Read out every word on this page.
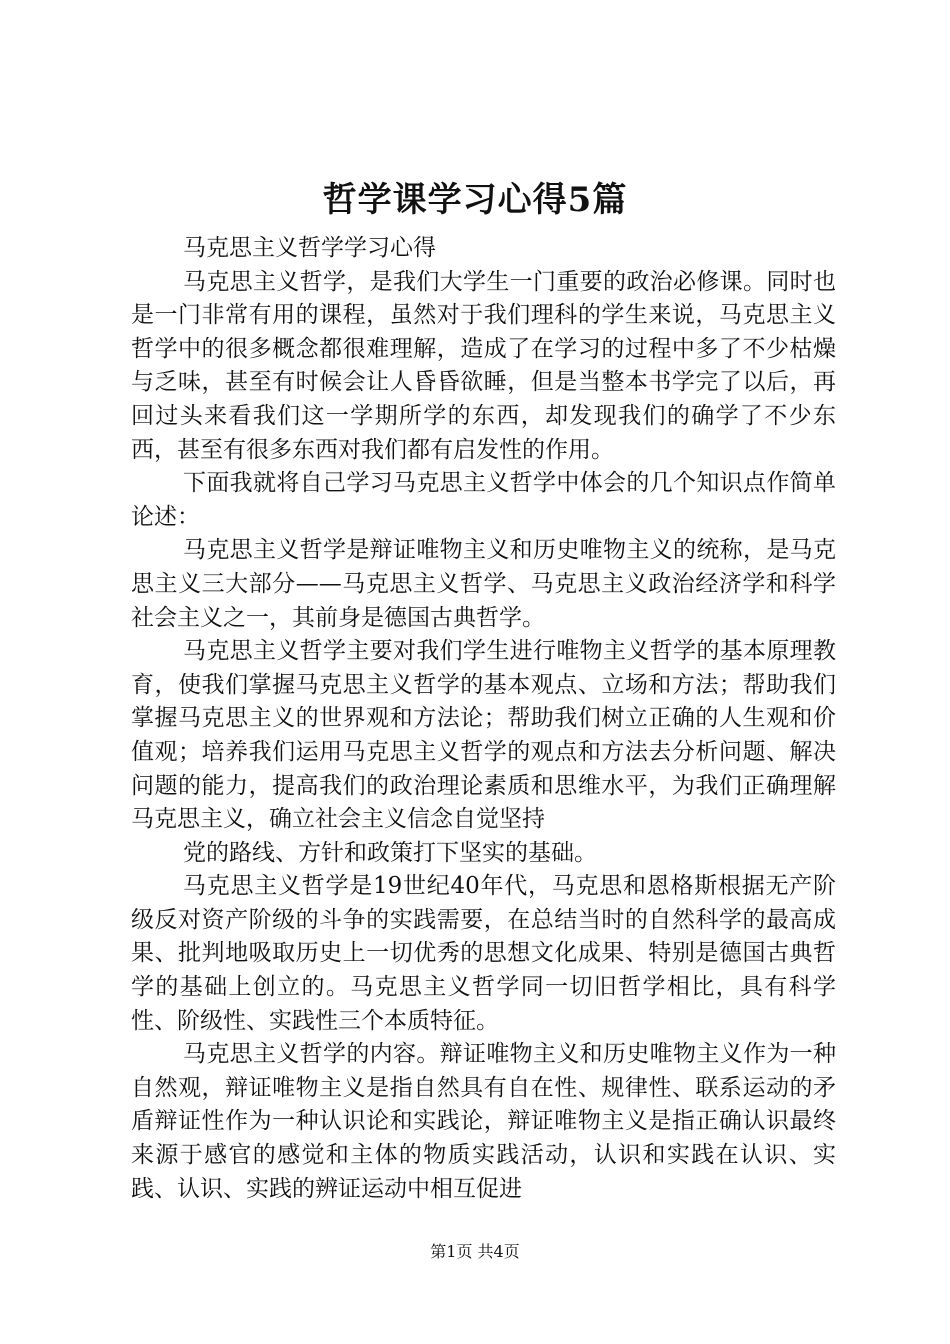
哲学课学习心得5篇

马克思主义哲学学习心得

马克思主义哲学，是我们大学生一门重要的政治必修课。同时也是一门非常有用的课程，虽然对于我们理科的学生来说，马克思主义哲学中的很多概念都很难理解，造成了在学习的过程中多了不少枯燥与乏味，甚至有时候会让人昏昏欲睡，但是当整本书学完了以后，再回过头来看我们这一学期所学的东西，却发现我们的确学了不少东西，甚至有很多东西对我们都有启发性的作用。

下面我就将自己学习马克思主义哲学中体会的几个知识点作简单论述：

马克思主义哲学是辩证唯物主义和历史唯物主义的统称，是马克思主义三大部分——马克思主义哲学、马克思主义政治经济学和科学社会主义之一，其前身是德国古典哲学。

马克思主义哲学主要对我们学生进行唯物主义哲学的基本原理教育，使我们掌握马克思主义哲学的基本观点、立场和方法；帮助我们掌握马克思主义的世界观和方法论；帮助我们树立正确的人生观和价值观；培养我们运用马克思主义哲学的观点和方法去分析问题、解决问题的能力，提高我们的政治理论素质和思维水平，为我们正确理解马克思主义，确立社会主义信念自觉坚持

党的路线、方针和政策打下坚实的基础。

马克思主义哲学是19世纪40年代，马克思和恩格斯根据无产阶级反对资产阶级的斗争的实践需要，在总结当时的自然科学的最高成果、批判地吸取历史上一切优秀的思想文化成果、特别是德国古典哲学的基础上创立的。马克思主义哲学同一切旧哲学相比，具有科学性、阶级性、实践性三个本质特征。

马克思主义哲学的内容。辩证唯物主义和历史唯物主义作为一种自然观，辩证唯物主义是指自然具有自在性、规律性、联系运动的矛盾辩证性作为一种认识论和实践论，辩证唯物主义是指正确认识最终来源于感官的感觉和主体的物质实践活动，认识和实践在认识、实践、认识、实践的辨证运动中相互促进

第1页 共4页
